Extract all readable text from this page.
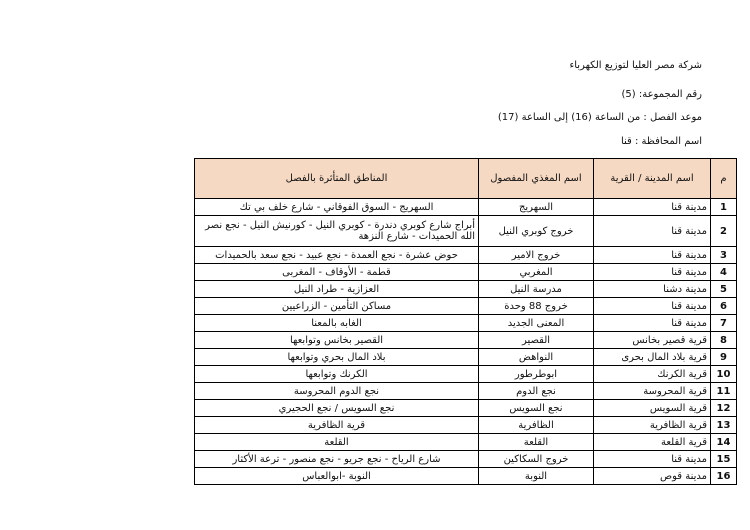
شركة مصر العليا لتوزيع الكهرباء
رقم المجموعة: (5)
موعد الفصل : من الساعة (16) إلى الساعة (17)
اسم المحافظة : قنا
م	اسم المدينة / القرية	اسم المغذي المفصول	المناطق المتأثرة بالفصل
1	مدينة قنا	السهريج	السهريج - السوق الفوقاني - شارع خلف بي تك
2	مدينة قنا	خروج كوبري النيل	أبراج شارع كوبري دندرة - كوبري النيل - كورنيش النيل - نجع نصر الله الحميدات - شارع النزهة
3	مدينة قنا	خروج الامير	حوض عشرة - نجع العمدة - نجع عبيد - نجع سعد بالحميدات
4	مدينة قنا	المغربي	قطمة - الأوقاف - المغربى
5	مدينة دشنا	مدرسة النيل	العزازية - طراد النيل
6	مدينة قنا	خروج 88 وحدة	مساكن التأمين - الزراعيين
7	مدينة قنا	المعنى الجديد	الغابه بالمعنا
8	قرية قصير بخانس	القصير	القصير بخانس وتوابعها
9	قرية بلاد المال بحرى	النواهض	بلاد المال بحري وتوابعها
10	قرية الكرنك	ابوطرطور	الكرنك وتوابعها
11	قرية المحروسة	نجع الدوم	نجع الدوم المحروسة
12	قرية السويس	نجع السويس	نجع السويس / نجع الحجيري
13	قرية الظافرية	الظافرية	قرية الظافرية
14	قرية القلعة	القلعة	القلعة
15	مدينة قنا	خروج السكاكين	شارع الرياح - نجع جريو - نجع منصور - ترعة الأكثار
16	مدينة قوص	النوبة	النوبة -ابوالعباس
